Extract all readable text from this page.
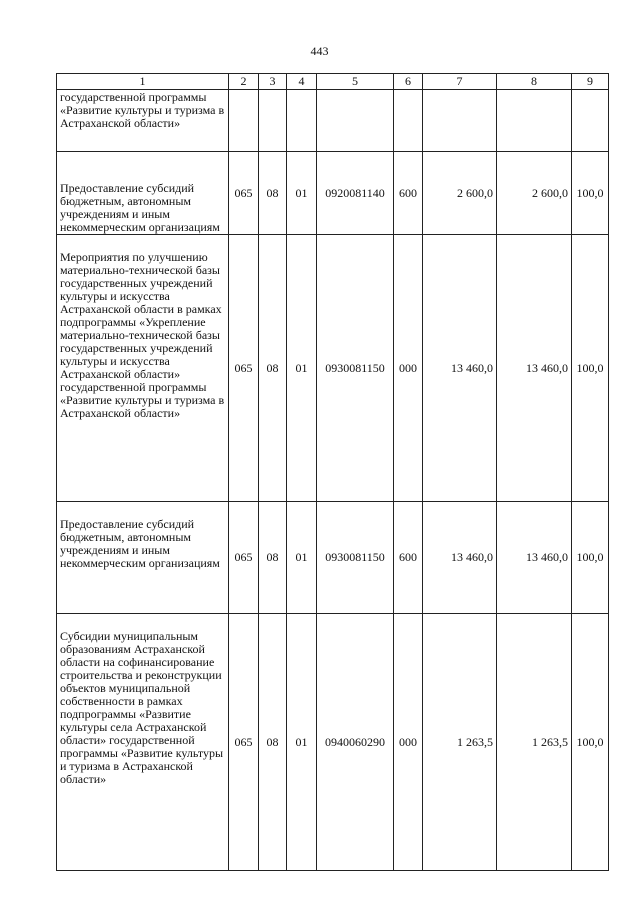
443
1	2	3	4	5	6	7	8	9
государственной программы «Развитие культуры и туризма в Астраханской области»								
Предоставление субсидий бюджетным, автономным учреждениям и иным некоммерческим организациям	065	08	01	0920081140	600	2 600,0	2 600,0	100,0
Мероприятия по улучшению материально-технической базы государственных учреждений культуры и искусства Астраханской области в рамках подпрограммы «Укрепление материально-технической базы государственных учреждений культуры и искусства Астраханской области» государственной программы «Развитие культуры и туризма в Астраханской области»	065	08	01	0930081150	000	13 460,0	13 460,0	100,0
Предоставление субсидий бюджетным, автономным учреждениям и иным некоммерческим организациям	065	08	01	0930081150	600	13 460,0	13 460,0	100,0
Субсидии муниципальным образованиям Астраханской области на софинансирование строительства и реконструкции объектов муниципальной собственности в рамках подпрограммы «Развитие культуры села Астраханской области» государственной программы «Развитие культуры и туризма в Астраханской области»	065	08	01	0940060290	000	1 263,5	1 263,5	100,0
